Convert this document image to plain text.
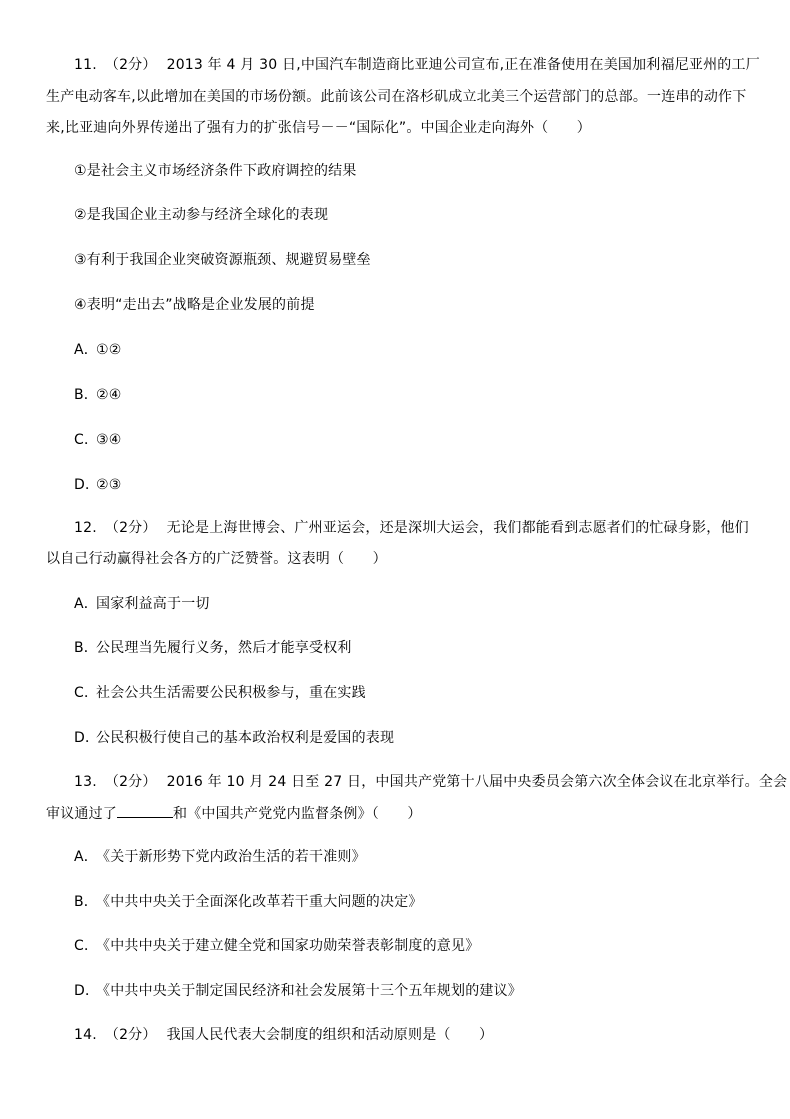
11. （2分） 2013 年 4 月 30 日,中国汽车制造商比亚迪公司宣布,正在准备使用在美国加利福尼亚州的工厂
生产电动客车,以此增加在美国的市场份额。此前该公司在洛杉矶成立北美三个运营部门的总部。一连串的动作下
来,比亚迪向外界传递出了强有力的扩张信号－－“国际化”。中国企业走向海外（　　）
①是社会主义市场经济条件下政府调控的结果
②是我国企业主动参与经济全球化的表现
③有利于我国企业突破资源瓶颈、规避贸易壁垒
④表明“走出去”战略是企业发展的前提
A．①②
B．②④
C．③④
D．②③
12. （2分） 无论是上海世博会、广州亚运会，还是深圳大运会，我们都能看到志愿者们的忙碌身影，他们
以自己行动赢得社会各方的广泛赞誉。这表明（　　）
A．国家利益高于一切
B．公民理当先履行义务，然后才能享受权利
C．社会公共生活需要公民积极参与，重在实践
D．公民积极行使自己的基本政治权利是爱国的表现
13. （2分） 2016 年 10 月 24 日至 27 日，中国共产党第十八届中央委员会第六次全体会议在北京举行。全会
审议通过了	和《中国共产党党内监督条例》（　　）
A．《关于新形势下党内政治生活的若干准则》
B．《中共中央关于全面深化改革若干重大问题的决定》
C．《中共中央关于建立健全党和国家功勋荣誉表彰制度的意见》
D．《中共中央关于制定国民经济和社会发展第十三个五年规划的建议》
14. （2分） 我国人民代表大会制度的组织和活动原则是（　　）
